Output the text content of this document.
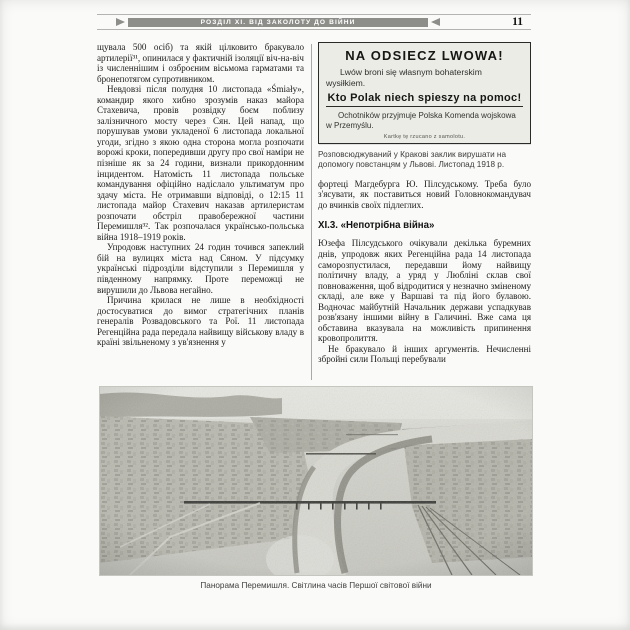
РОЗДІЛ XI. ВІД ЗАКОЛОТУ ДО ВІЙНИ	11

щувала 500 осіб) та якій цілковито бракувало артилерії³¹, опинилася у фактичній ізоляції віч-на-віч із численнішим і озброєним вісьмома гарматами та бронепотягом супротивником.

Невдовзі після полудня 10 листопада «Śmiały», командир якого хибно зрозумів наказ майора Стахевича, провів розвідку боєм поблизу залізничного мосту через Сян. Цей напад, що порушував умови укладеної 6 листопада локальної угоди, згідно з якою одна сторона могла розпочати ворожі кроки, попередивши другу про свої наміри не пізніше як за 24 години, визнали прикордонним інцидентом. Натомість 11 листопада польське командування офіційно надіслало ультиматум про здачу міста. Не отримавши відповіді, о 12:15 11 листопада майор Стахевич наказав артилеристам розпочати обстріл правобережної частини Перемишля³². Так розпочалася українсько-польська війна 1918–1919 років.

Упродовж наступних 24 годин точився запеклий бій на вулицях міста над Сяном. У підсумку українські підрозділи відступили з Перемишля у південному напрямку. Проте переможці не вирушили до Львова негайно.

Причина крилася не лише в необхідності достосуватися до вимог стратегічних планів генералів Розвадовського та Рої. 11 листопада Регенційна рада передала найвищу військову владу в країні звільненому з ув'язнення у

NA ODSIECZ LWOWA!
Lwów broni się własnym bohaterskim wysiłkiem.
Kto Polak niech spieszy na pomoc!
Ochotników przyjmuje Polska Komenda wojskowa w Przemyślu.
Kartkę tę rzucano z samolotu.
Розповсюджуваний у Кракові заклик вирушати на допомогу повстанцям у Львові. Листопад 1918 р.

фортеці Магдебурга Ю. Пілсудському. Треба було з'ясувати, як поставиться новий Головнокомандувач до вчинків своїх підлеглих.

XI.3. «Непотрібна війна»

Юзефа Пілсудського очікували декілька буремних днів, упродовж яких Регенційна рада 14 листопада саморозпустилася, передавши йому найвищу політичну владу, а уряд у Любліні склав свої повноваження, щоб відродитися у незначно зміненому складі, але вже у Варшаві та під його булавою. Водночас майбутній Начальник держави успадкував розв'язану іншими війну в Галичині. Вже сама ця обставина вказувала на можливість припинення кровопролиття.

Не бракувало й інших аргументів. Нечисленні збройні сили Польщі перебували

Панорама Перемишля. Світлина часів Першої світової війни
